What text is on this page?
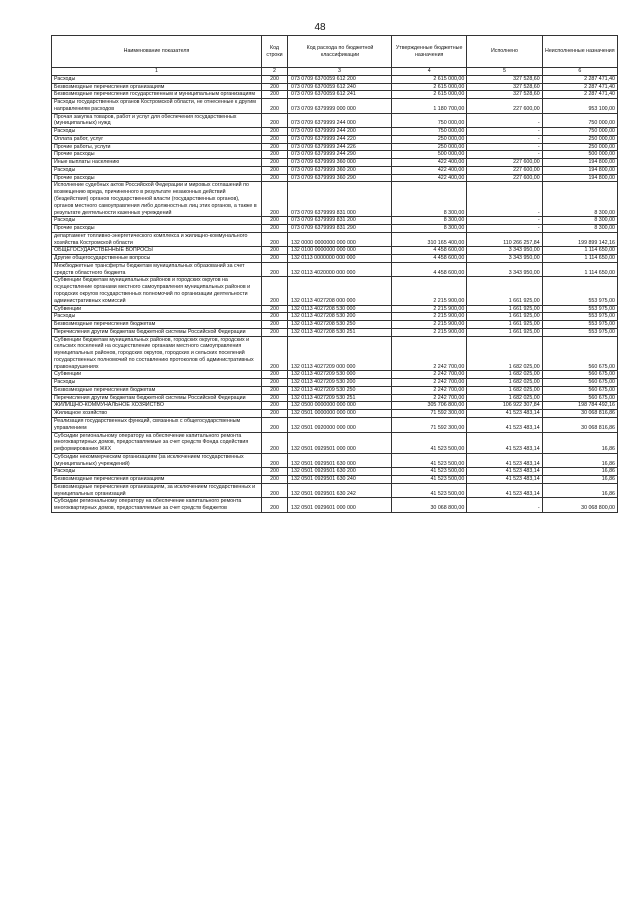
48
Наименование показателя	Код строки	Код расхода по бюджетной классификации	Утвержденные бюджетные назначения	Исполнено	Неисполненные назначения
1	2	3	4	5	6
Расходы	200	073 0709 6370059 612 200	2 615 000,00	327 528,60	2 287 471,40
Безвозмездные перечисления организациям	200	073 0709 6370059 612 240	2 615 000,00	327 528,60	2 287 471,40
Безвозмездные перечисления государственным и муниципальным организациям	200	073 0709 6370059 612 241	2 615 000,00	327 528,60	2 287 471,40
Расходы государственных органов Костромской области, не отнесенные к другим направлениям расходов	200	073 0709 6379999 000 000	1 180 700,00	227 600,00	953 100,00
Прочая закупка товаров, работ и услуг для обеспечения государственных (муниципальных) нужд	200	073 0709 6379999 244 000	750 000,00	-	750 000,00
Расходы	200	073 0709 6379999 244 200	750 000,00	-	750 000,00
Оплата работ, услуг	200	073 0709 6379999 244 220	250 000,00	-	250 000,00
Прочие работы, услуги	200	073 0709 6379999 244 226	250 000,00	-	250 000,00
Прочие расходы	200	073 0709 6379999 244 290	500 000,00	-	500 000,00
Иные выплаты населению	200	073 0709 6379999 360 000	422 400,00	227 600,00	194 800,00
Расходы	200	073 0709 6379999 360 200	422 400,00	227 600,00	194 800,00
Прочие расходы	200	073 0709 6379999 360 290	422 400,00	227 600,00	194 800,00
Исполнение судебных актов Российской Федерации и мировых соглашений по возмещению вреда, причиненного в результате незаконных действий (бездействия) органов государственной власти (государственных органов), органов местного самоуправления либо должностных лиц этих органов, а также в результате деятельности казенных учреждений	200	073 0709 6379999 831 000	8 300,00	-	8 300,00
Расходы	200	073 0709 6379999 831 200	8 300,00	-	8 300,00
Прочие расходы	200	073 0709 6379999 831 290	8 300,00	-	8 300,00
департамент топливно-энергетического комплекса и жилищно-коммунального хозяйства Костромской области	200	132 0000 0000000 000 000	310 165 400,00	110 266 257,84	199 899 142,16
ОБЩЕГОСУДАРСТВЕННЫЕ ВОПРОСЫ	200	132 0100 0000000 000 000	4 458 600,00	3 343 950,00	1 114 650,00
Другие общегосударственные вопросы	200	132 0113 0000000 000 000	4 458 600,00	3 343 950,00	1 114 650,00
Межбюджетные трансферты бюджетам муниципальных образований за счет средств областного бюджета	200	132 0113 4020000 000 000	4 458 600,00	3 343 950,00	1 114 650,00
Субвенции бюджетам муниципальных районов и городских округов на осуществление органами местного самоуправления муниципальных районов и городских округов государственных полномочий по организации деятельности административных комиссий	200	132 0113 4027208 000 000	2 215 900,00	1 661 925,00	553 975,00
Субвенции	200	132 0113 4027208 530 000	2 215 900,00	1 661 925,00	553 975,00
Расходы	200	132 0113 4027208 530 200	2 215 900,00	1 661 925,00	553 975,00
Безвозмездные перечисления бюджетам	200	132 0113 4027208 530 250	2 215 900,00	1 661 925,00	553 975,00
Перечисления другим бюджетам бюджетной системы Российской Федерации	200	132 0113 4027208 530 251	2 215 900,00	1 661 925,00	553 975,00
Субвенции бюджетам муниципальных районов, городских округов, городских и сельских поселений на осуществление органами местного самоуправления муниципальных районов, городских округов, городских и сельских поселений государственных полномочий по составлению протоколов об административных правонарушениях	200	132 0113 4027209 000 000	2 242 700,00	1 682 025,00	560 675,00
Субвенции	200	132 0113 4027209 530 000	2 242 700,00	1 682 025,00	560 675,00
Расходы	200	132 0113 4027209 530 200	2 242 700,00	1 682 025,00	560 675,00
Безвозмездные перечисления бюджетам	200	132 0113 4027209 530 250	2 242 700,00	1 682 025,00	560 675,00
Перечисления другим бюджетам бюджетной системы Российской Федерации	200	132 0113 4027209 530 251	2 242 700,00	1 682 025,00	560 675,00
ЖИЛИЩНО-КОММУНАЛЬНОЕ ХОЗЯЙСТВО	200	132 0500 0000000 000 000	305 706 800,00	106 922 307,84	198 784 492,16
Жилищное хозяйство	200	132 0501 0000000 000 000	71 592 300,00	41 523 483,14	30 068 816,86
Реализация государственных функций, связанных с общегосударственным управлением	200	132 0501 0920000 000 000	71 592 300,00	41 523 483,14	30 068 816,86
Субсидии региональному оператору на обеспечение капитального ремонта многоквартирных домов, предоставляемые за счет средств Фонда содействия реформированию ЖКХ	200	132 0501 0929501 000 000	41 523 500,00	41 523 483,14	16,86
Субсидии некоммерческим организациям (за исключением государственных (муниципальных) учреждений)	200	132 0501 0929501 630 000	41 523 500,00	41 523 483,14	16,86
Расходы	200	132 0501 0929501 630 200	41 523 500,00	41 523 483,14	16,86
Безвозмездные перечисления организациям	200	132 0501 0929501 630 240	41 523 500,00	41 523 483,14	16,86
Безвозмездные перечисления организациям, за исключением государственных и муниципальных организаций	200	132 0501 0929501 630 242	41 523 500,00	41 523 483,14	16,86
Субсидии региональному оператору на обеспечение капитального ремонта многоквартирных домов, предоставляемые за счет средств бюджетов	200	132 0501 0929601 000 000	30 068 800,00	-	30 068 800,00
